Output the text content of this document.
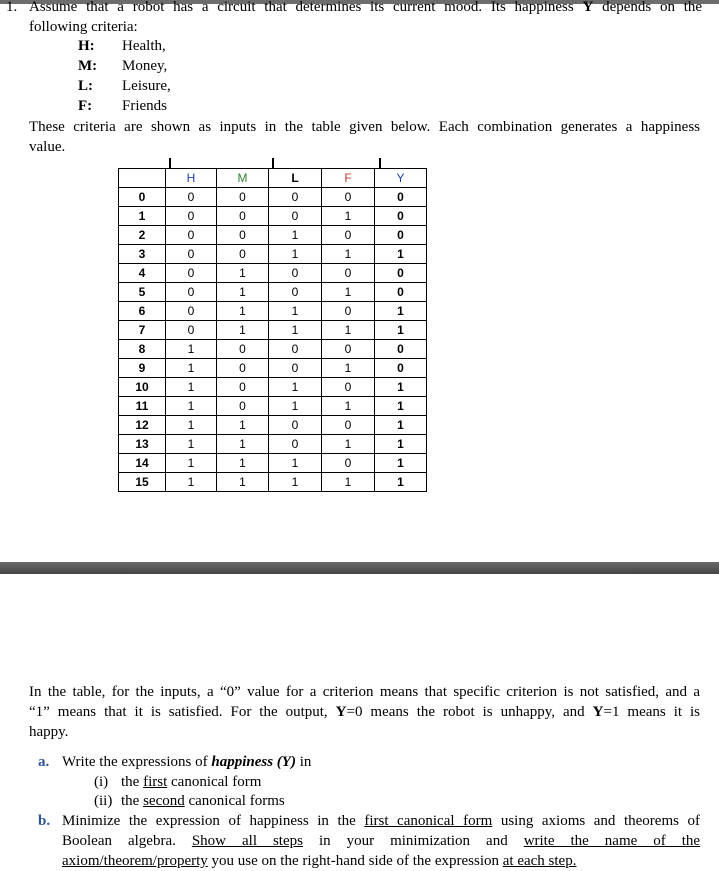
1. Assume that a robot has a circuit that determines its current mood. Its happiness Y depends on the
following criteria:
H:	Health,
M:	Money,
L:	Leisure,
F:	Friends
These criteria are shown as inputs in the table given below. Each combination generates a happiness
value.
	H	M	L	F	Y
0	0	0	0	0	0
1	0	0	0	1	0
2	0	0	1	0	0
3	0	0	1	1	1
4	0	1	0	0	0
5	0	1	0	1	0
6	0	1	1	0	1
7	0	1	1	1	1
8	1	0	0	0	0
9	1	0	0	1	0
10	1	0	1	0	1
11	1	0	1	1	1
12	1	1	0	0	1
13	1	1	0	1	1
14	1	1	1	0	1
15	1	1	1	1	1
In the table, for the inputs, a “0” value for a criterion means that specific criterion is not satisfied, and a
“1” means that it is satisfied. For the output, Y=0 means the robot is unhappy, and Y=1 means it is
happy.
a. Write the expressions of happiness (Y) in
(i) the first canonical form
(ii) the second canonical forms
b. Minimize the expression of happiness in the first canonical form using axioms and theorems of
Boolean algebra. Show all steps in your minimization and write the name of the
axiom/theorem/property you use on the right-hand side of the expression at each step.
